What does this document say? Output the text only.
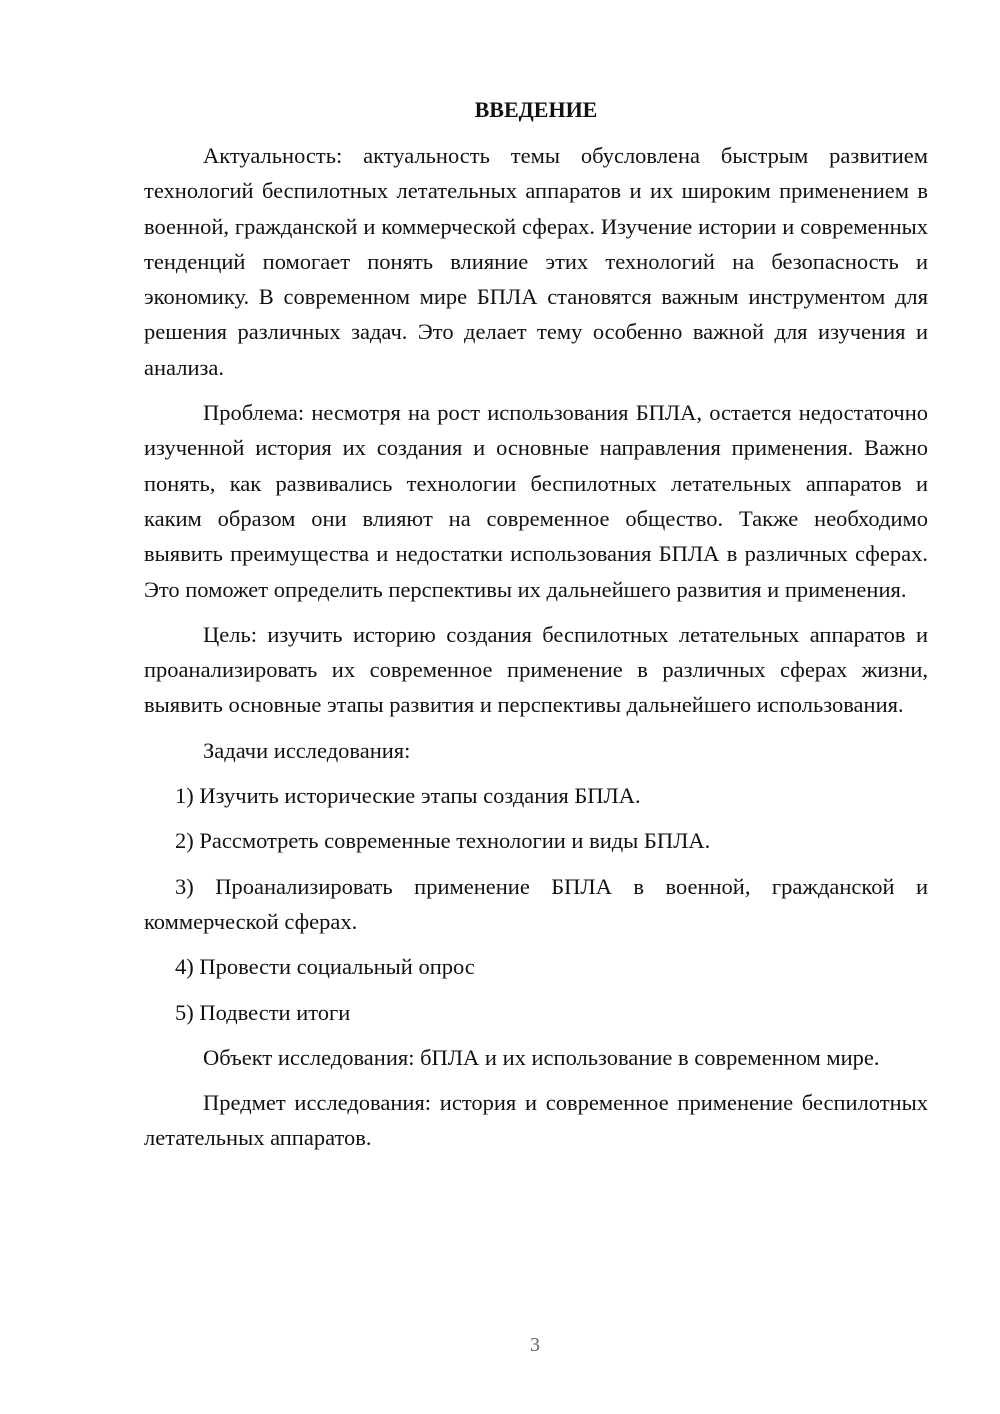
ВВЕДЕНИЕ

Актуальность: актуальность темы обусловлена быстрым развитием технологий беспилотных летательных аппаратов и их широким применением в военной, гражданской и коммерческой сферах. Изучение истории и современных тенденций помогает понять влияние этих технологий на безопасность и экономику. В современном мире БПЛА становятся важным инструментом для решения различных задач. Это делает тему особенно важной для изучения и анализа.

Проблема: несмотря на рост использования БПЛА, остается недостаточно изученной история их создания и основные направления применения. Важно понять, как развивались технологии беспилотных летательных аппаратов и каким образом они влияют на современное общество. Также необходимо выявить преимущества и недостатки использования БПЛА в различных сферах. Это поможет определить перспективы их дальнейшего развития и применения.

Цель: изучить историю создания беспилотных летательных аппаратов и проанализировать их современное применение в различных сферах жизни, выявить основные этапы развития и перспективы дальнейшего использования.

Задачи исследования:

1) Изучить исторические этапы создания БПЛА.

2) Рассмотреть современные технологии и виды БПЛА.

3) Проанализировать применение БПЛА в военной, гражданской и коммерческой сферах.

4) Провести социальный опрос

5) Подвести итоги

Объект исследования: бПЛА и их использование в современном мире.

Предмет исследования: история и современное применение беспилотных летательных аппаратов.

3
